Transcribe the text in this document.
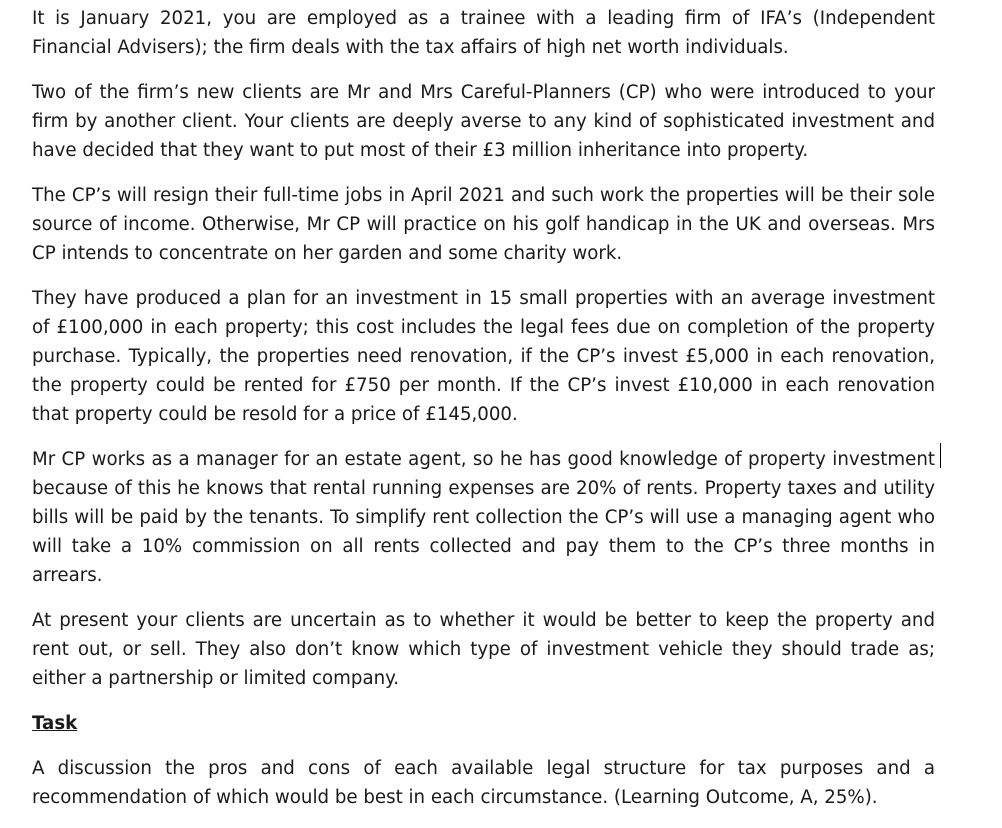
It is January 2021, you are employed as a trainee with a leading firm of IFA’s (Independent Financial Advisers); the firm deals with the tax affairs of high net worth individuals.

Two of the firm’s new clients are Mr and Mrs Careful-Planners (CP) who were introduced to your firm by another client. Your clients are deeply averse to any kind of sophisticated investment and have decided that they want to put most of their £3 million inheritance into property.

The CP’s will resign their full-time jobs in April 2021 and such work the properties will be their sole source of income. Otherwise, Mr CP will practice on his golf handicap in the UK and overseas. Mrs CP intends to concentrate on her garden and some charity work.

They have produced a plan for an investment in 15 small properties with an average investment of £100,000 in each property; this cost includes the legal fees due on completion of the property purchase. Typically, the properties need renovation, if the CP’s invest £5,000 in each renovation, the property could be rented for £750 per month. If the CP’s invest £10,000 in each renovation that property could be resold for a price of £145,000.

Mr CP works as a manager for an estate agent, so he has good knowledge of property investment because of this he knows that rental running expenses are 20% of rents. Property taxes and utility bills will be paid by the tenants. To simplify rent collection the CP’s will use a managing agent who will take a 10% commission on all rents collected and pay them to the CP’s three months in arrears.

At present your clients are uncertain as to whether it would be better to keep the property and rent out, or sell. They also don’t know which type of investment vehicle they should trade as; either a partnership or limited company.

Task

A discussion the pros and cons of each available legal structure for tax purposes and a recommendation of which would be best in each circumstance. (Learning Outcome, A, 25%).
